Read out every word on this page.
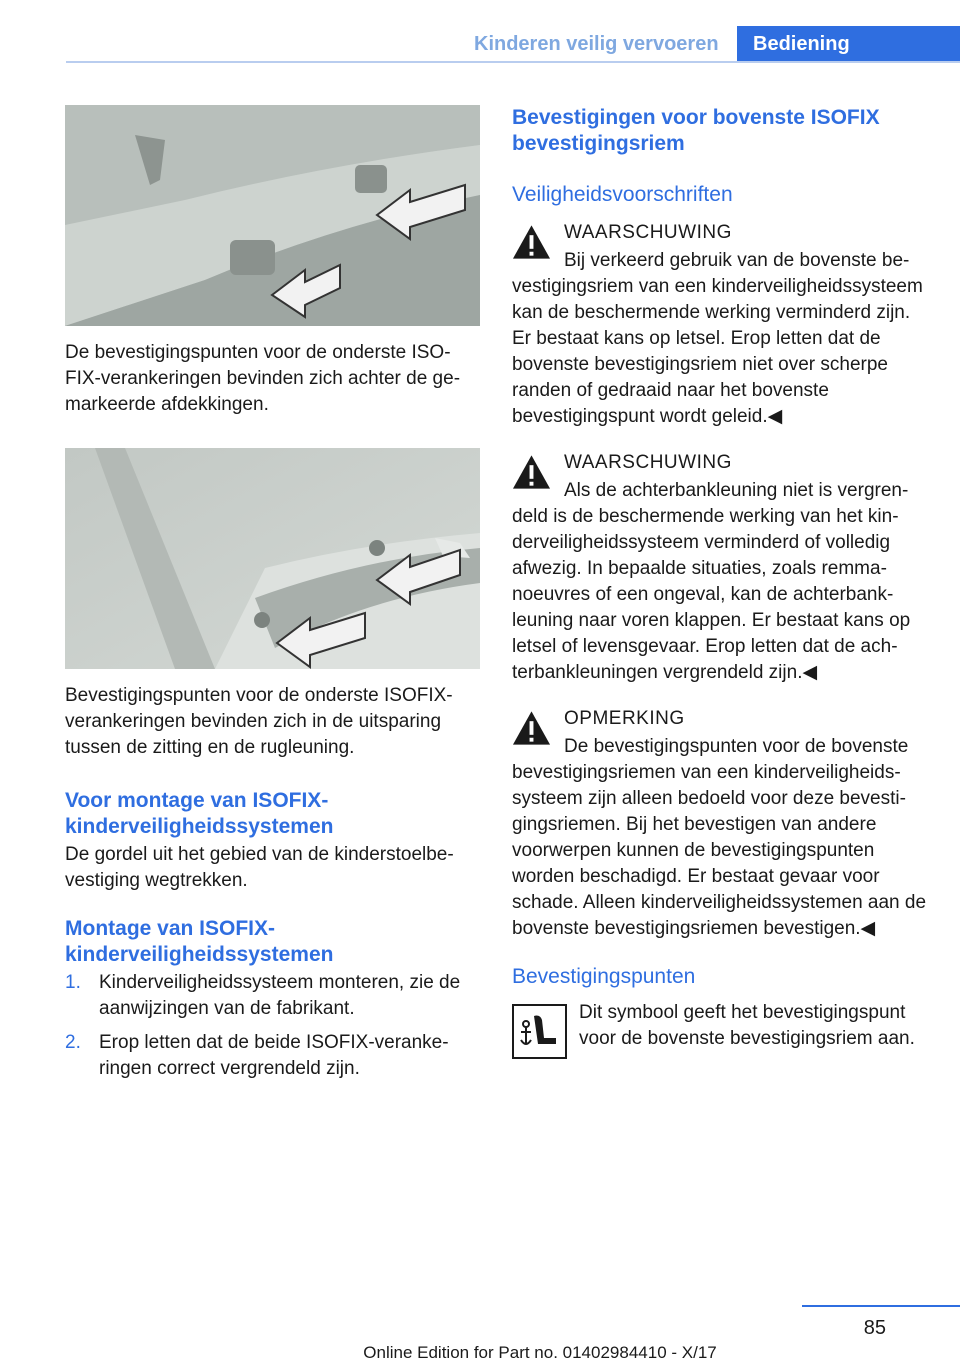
Kinderen veilig vervoeren	Bediening

De bevestigingspunten voor de onderste ISOFIX-verankeringen bevinden zich achter de gemarkeerde afdekkingen.

Bevestigingspunten voor de onderste ISOFIX-verankeringen bevinden zich in de uitsparing tussen de zitting en de rugleuning.

Voor montage van ISOFIX-kinderveiligheidssystemen

De gordel uit het gebied van de kinderstoelbevestiging wegtrekken.

Montage van ISOFIX-kinderveiligheidssystemen
1. Kinderveiligheidssysteem monteren, zie de aanwijzingen van de fabrikant.
2. Erop letten dat de beide ISOFIX-verankeringen correct vergrendeld zijn.
Bevestigingen voor bovenste ISOFIX bevestigingsriem
Veiligheidsvoorschriften
WAARSCHUWING

Bij verkeerd gebruik van de bovenste bevestigingsriem van een kinderveiligheidssysteem kan de beschermende werking verminderd zijn. Er bestaat kans op letsel. Erop letten dat de bovenste bevestigingsriem niet over scherpe randen of gedraaid naar het bovenste bevestigingspunt wordt geleid.◀

WAARSCHUWING

Als de achterbankleuning niet is vergrendeld is de beschermende werking van het kinderveiligheidssysteem verminderd of volledig afwezig. In bepaalde situaties, zoals remmanoeuvres of een ongeval, kan de achterbankleuning naar voren klappen. Er bestaat kans op letsel of levensgevaar. Erop letten dat de achterbankleuningen vergrendeld zijn.◀

OPMERKING

De bevestigingspunten voor de bovenste bevestigingsriemen van een kinderveiligheidssysteem zijn alleen bedoeld voor deze bevestigingsriemen. Bij het bevestigen van andere voorwerpen kunnen de bevestigingspunten worden beschadigd. Er bestaat gevaar voor schade. Alleen kinderveiligheidssystemen aan de bovenste bevestigingsriemen bevestigen.◀

Bevestigingspunten

Dit symbool geeft het bevestigingspunt voor de bovenste bevestigingsriem aan.

85
Online Edition for Part no. 01402984410 - X/17
